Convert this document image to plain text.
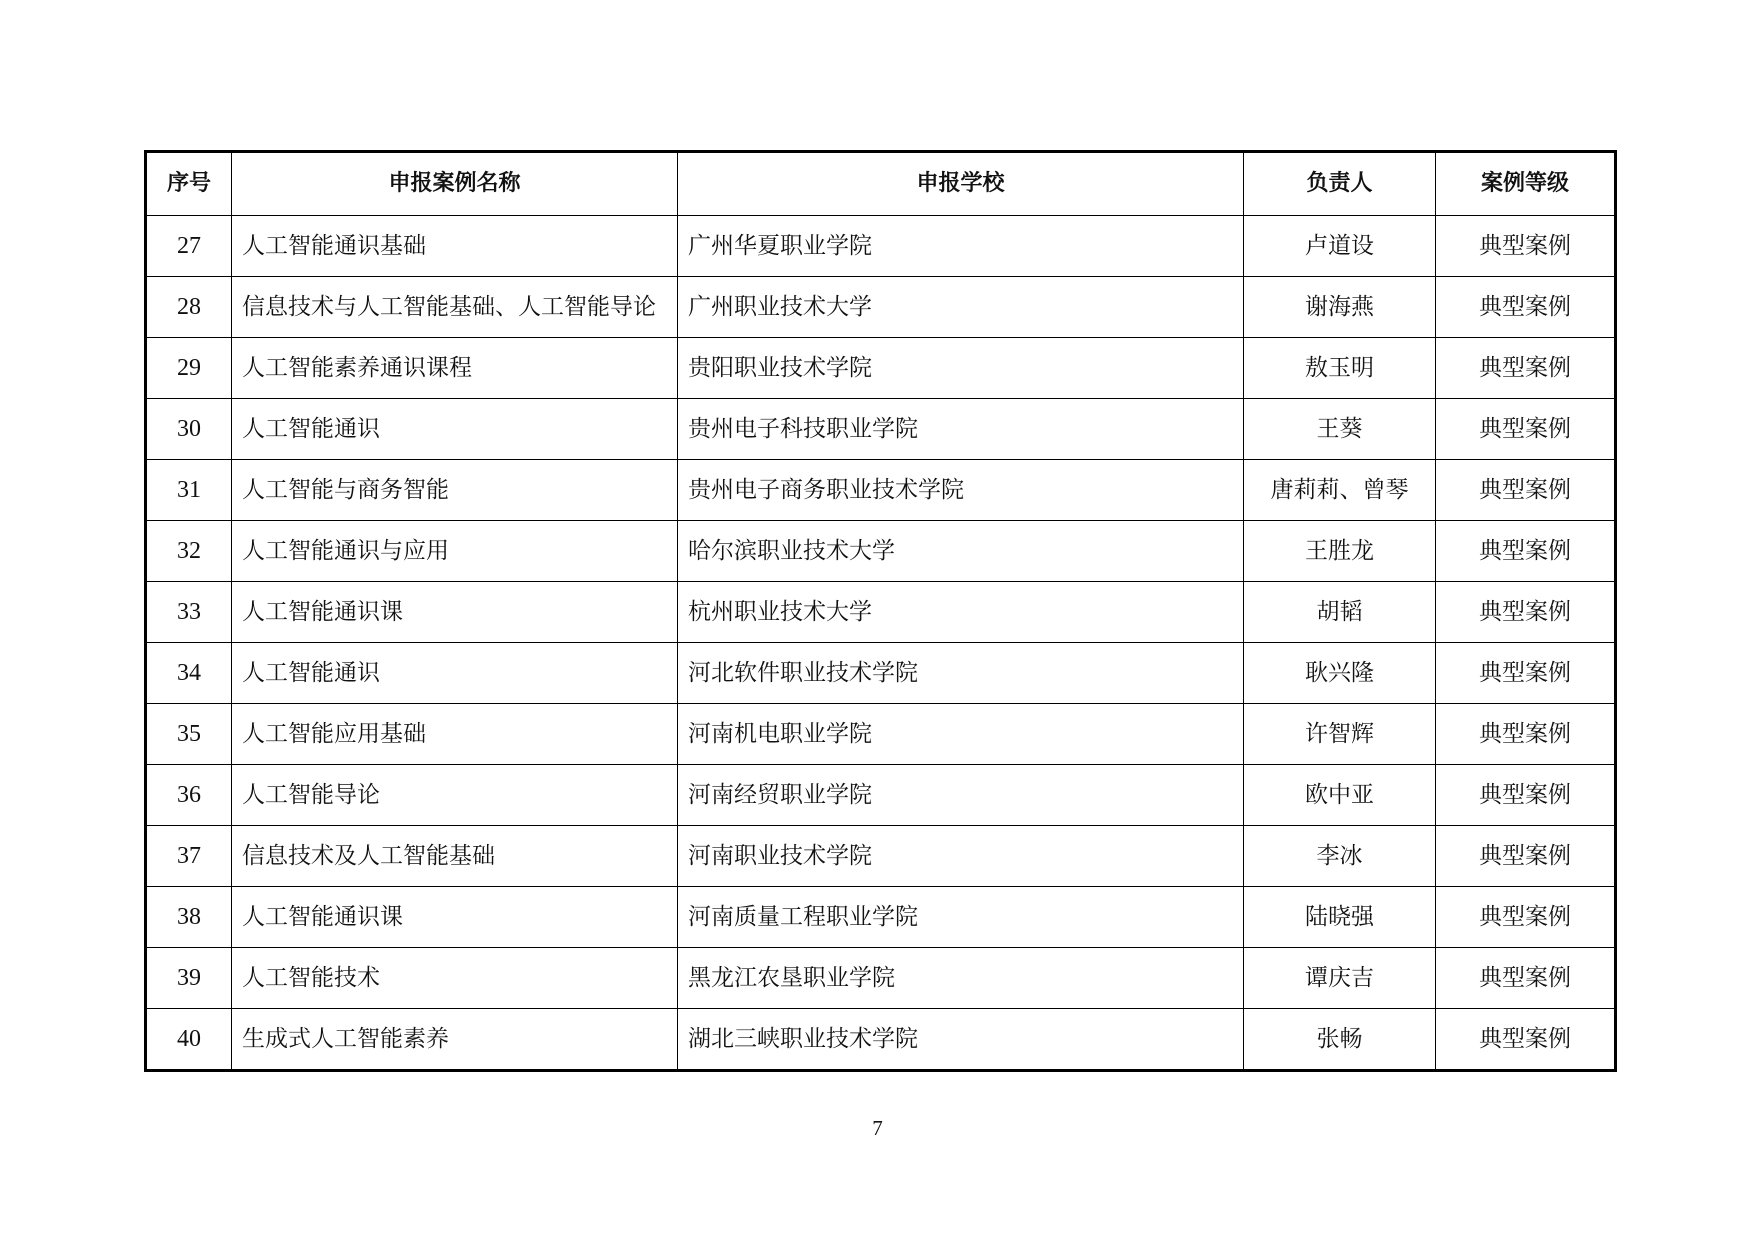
序号	申报案例名称	申报学校	负责人	案例等级
27	人工智能通识基础	广州华夏职业学院	卢道设	典型案例
28	信息技术与人工智能基础、人工智能导论	广州职业技术大学	谢海燕	典型案例
29	人工智能素养通识课程	贵阳职业技术学院	敖玉明	典型案例
30	人工智能通识	贵州电子科技职业学院	王葵	典型案例
31	人工智能与商务智能	贵州电子商务职业技术学院	唐莉莉、曾琴	典型案例
32	人工智能通识与应用	哈尔滨职业技术大学	王胜龙	典型案例
33	人工智能通识课	杭州职业技术大学	胡韬	典型案例
34	人工智能通识	河北软件职业技术学院	耿兴隆	典型案例
35	人工智能应用基础	河南机电职业学院	许智辉	典型案例
36	人工智能导论	河南经贸职业学院	欧中亚	典型案例
37	信息技术及人工智能基础	河南职业技术学院	李冰	典型案例
38	人工智能通识课	河南质量工程职业学院	陆晓强	典型案例
39	人工智能技术	黑龙江农垦职业学院	谭庆吉	典型案例
40	生成式人工智能素养	湖北三峡职业技术学院	张畅	典型案例
7
